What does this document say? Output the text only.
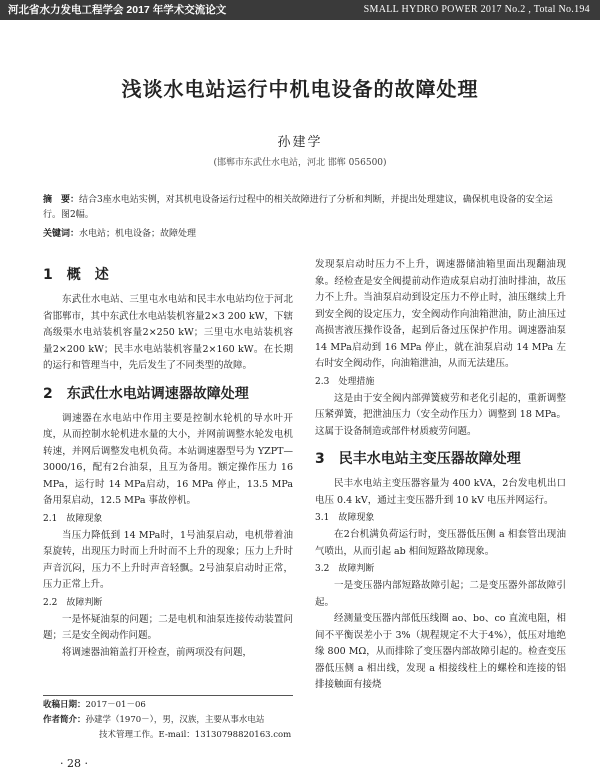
河北省水力发电工程学会 2017 年学术交流论文	SMALL HYDRO POWER 2017 No.2 , Total No.194
浅谈水电站运行中机电设备的故障处理
孙建学
(邯郸市东武仕水电站，河北 邯郸 056500)
摘　要：结合3座水电站实例，对其机电设备运行过程中的相关故障进行了分析和判断，并提出处理建议，确保机电设备的安全运行。图2幅。
关键词：水电站；机电设备；故障处理
1　概　述

东武仕水电站、三里屯水电站和民丰水电站均位于河北省邯郸市，其中东武仕水电站装机容量2×3 200 kW，下辖高级渠水电站装机容量2×250 kW；三里屯水电站装机容量2×200 kW；民丰水电站装机容量2×160 kW。在长期的运行和管理当中，先后发生了不同类型的故障。

2　东武仕水电站调速器故障处理

调速器在水电站中作用主要是控制水轮机的导水叶开度，从而控制水轮机进水量的大小，并网前调整水轮发电机转速，并网后调整发电机负荷。本站调速器型号为 YZPT—3000/16，配有2台油泵，且互为备用。额定操作压力 16 MPa，运行时 14 MPa启动，16 MPa 停止，13.5 MPa 备用泵启动，12.5 MPa 事故停机。

2.1　故障现象

当压力降低到 14 MPa时，1号油泵启动，电机带着油泵旋转，出现压力时而上升时而不上升的现象；压力上升时声音沉闷，压力不上升时声音轻飘。2号油泵启动时正常，压力正常上升。

2.2　故障判断

一是怀疑油泵的问题；二是电机和油泵连接传动装置问题；三是安全阀动作问题。

将调速器油箱盖打开检查，前两项没有问题，

发现泵启动时压力不上升，调速器储油箱里面出现翻油现象。经检查是安全阀提前动作造成泵启动打油时排油，故压力不上升。当油泵启动到设定压力不停止时，油压继续上升到安全阀的设定压力，安全阀动作向油箱泄油，防止油压过高损害液压操作设备，起到后备过压保护作用。调速器油泵 14 MPa启动到 16 MPa 停止，就在油泵启动 14 MPa 左右时安全阀动作，向油箱泄油，从而无法建压。

2.3　处理措施

这是由于安全阀内部弹簧疲劳和老化引起的，重新调整压紧弹簧，把泄油压力（安全动作压力）调整到 18 MPa。这属于设备制造或部件材质疲劳问题。

3　民丰水电站主变压器故障处理

民丰水电站主变压器容量为 400 kVA，2台发电机出口电压 0.4 kV，通过主变压器升到 10 kV 电压并网运行。

3.1　故障现象

在2台机满负荷运行时，变压器低压侧 a 相套管出现油气喷出，从而引起 ab 相间短路故障现象。

3.2　故障判断

一是变压器内部短路故障引起；二是变压器外部故障引起。

经测量变压器内部低压线圈 ao、bo、co 直流电阻，相间不平衡误差小于 3%（规程规定不大于4%），低压对地绝缘 800 MΩ，从而排除了变压器内部故障引起的。检查变压器低压侧 a 相出线，发现 a 相接线柱上的螺栓和连接的铝排接触面有接烧

收稿日期：2017－01－06
作者简介：孙建学（1970－），男，汉族，主要从事水电站
技术管理工作。E-mail：13130798820163.com
· 28 ·
